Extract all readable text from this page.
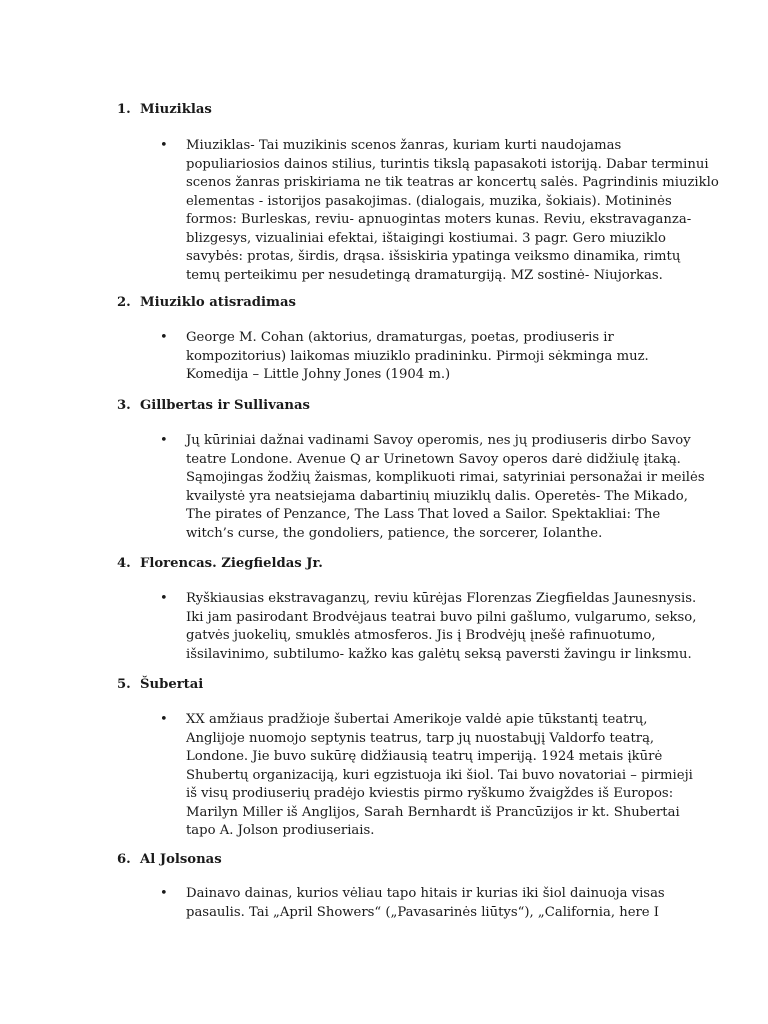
1. Miuziklas
• Miuziklas- Tai muzikinis scenos žanras, kuriam kurti naudojamas
populiariosios dainos stilius, turintis tikslą papasakoti istoriją. Dabar terminui
scenos žanras priskiriama ne tik teatras ar koncertų salės. Pagrindinis miuziklo
elementas - istorijos pasakojimas. (dialogais, muzika, šokiais). Motininės
formos: Burleskas, reviu- apnuogintas moters kunas. Reviu, ekstravaganza-
blizgesys, vizualiniai efektai, ištaigingi kostiumai. 3 pagr. Gero miuziklo
savybės: protas, širdis, drąsa. išsiskiria ypatinga veiksmo dinamika, rimtų
temų perteikimu per nesudetingą dramaturgiją. MZ sostinė- Niujorkas.
2. Miuziklo atisradimas
• George M. Cohan (aktorius, dramaturgas, poetas, prodiuseris ir
kompozitorius) laikomas miuziklo pradininku. Pirmoji sėkminga muz.
Komedija – Little Johny Jones (1904 m.)
3. Gillbertas ir Sullivanas
• Jų kūriniai dažnai vadinami Savoy operomis, nes jų prodiuseris dirbo Savoy
teatre Londone. Avenue Q ar Urinetown Savoy operos darė didžiulę įtaką.
Sąmojingas žodžių žaismas, komplikuoti rimai, satyriniai personažai ir meilės
kvailystė yra neatsiejama dabartinių miuziklų dalis. Operetės- The Mikado,
The pirates of Penzance, The Lass That loved a Sailor. Spektakliai: The
witch’s curse, the gondoliers, patience, the sorcerer, Iolanthe.
4. Florencas. Ziegfieldas Jr.
• Ryškiausias ekstravaganzų, reviu kūrėjas Florenzas Ziegfieldas Jaunesnysis.
Iki jam pasirodant Brodvėjaus teatrai buvo pilni gašlumo, vulgarumo, sekso,
gatvės juokelių, smuklės atmosferos. Jis į Brodvėjų įnešė rafinuotumo,
išsilavinimo, subtilumo- kažko kas galėtų seksą paversti žavingu ir linksmu.
5. Šubertai
• XX amžiaus pradžioje šubertai Amerikoje valdė apie tūkstantį teatrų,
Anglijoje nuomojo septynis teatrus, tarp jų nuostabųjį Valdorfo teatrą,
Londone. Jie buvo sukūrę didžiausią teatrų imperiją. 1924 metais įkūrė
Shubertų organizaciją, kuri egzistuoja iki šiol. Tai buvo novatoriai – pirmieji
iš visų prodiuserių pradėjo kviestis pirmo ryškumo žvaigždes iš Europos:
Marilyn Miller iš Anglijos, Sarah Bernhardt iš Prancūzijos ir kt. Shubertai
tapo A. Jolson prodiuseriais.
6. Al Jolsonas
• Dainavo dainas, kurios vėliau tapo hitais ir kurias iki šiol dainuoja visas
pasaulis. Tai „April Showers“ („Pavasarinės liūtys“), „California, here I
